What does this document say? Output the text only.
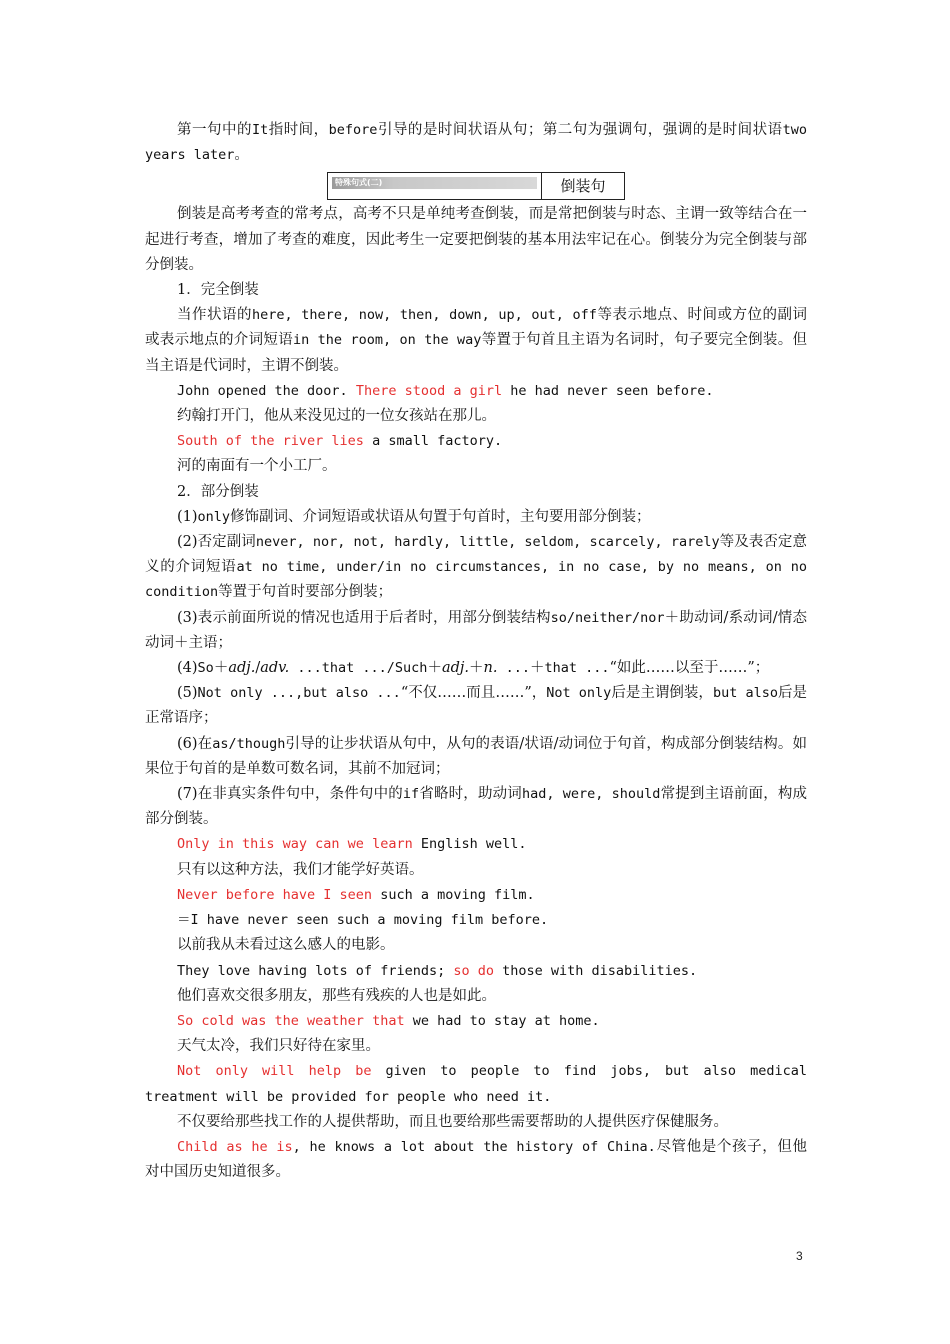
第一句中的It指时间，before引导的是时间状语从句；第二句为强调句，强调的是时间状语two years later。

特殊句式(二)	倒装句

倒装是高考考查的常考点，高考不只是单纯考查倒装，而是常把倒装与时态、主谓一致等结合在一起进行考查，增加了考查的难度，因此考生一定要把倒装的基本用法牢记在心。倒装分为完全倒装与部分倒装。

1．完全倒装

当作状语的here, there, now, then, down, up, out, off等表示地点、时间或方位的副词或表示地点的介词短语in the room, on the way等置于句首且主语为名词时，句子要完全倒装。但当主语是代词时，主谓不倒装。

John opened the door. There stood a girl he had never seen before.

约翰打开门，他从来没见过的一位女孩站在那儿。

South of the river lies a small factory.

河的南面有一个小工厂。

2．部分倒装

(1)only修饰副词、介词短语或状语从句置于句首时，主句要用部分倒装；

(2)否定副词never, nor, not, hardly, little, seldom, scarcely, rarely等及表否定意义的介词短语at no time, under/in no circumstances, in no case, by no means, on no condition等置于句首时要部分倒装；

(3)表示前面所说的情况也适用于后者时，用部分倒装结构so/neither/nor＋助动词/系动词/情态动词＋主语；

(4)So＋adj./adv. ...that .../Such＋adj.＋n. ...＋that ...“如此……以至于……”；

(5)Not only ...,but also ...“不仅……而且……”，Not only后是主谓倒装，but also后是正常语序；

(6)在as/though引导的让步状语从句中，从句的表语/状语/动词位于句首，构成部分倒装结构。如果位于句首的是单数可数名词，其前不加冠词；

(7)在非真实条件句中，条件句中的if省略时，助动词had, were, should常提到主语前面，构成部分倒装。

Only in this way can we learn English well.

只有以这种方法，我们才能学好英语。

Never before have I seen such a moving film.

＝I have never seen such a moving film before.

以前我从未看过这么感人的电影。

They love having lots of friends; so do those with disabilities.

他们喜欢交很多朋友，那些有残疾的人也是如此。

So cold was the weather that we had to stay at home.

天气太冷，我们只好待在家里。

Not only will help be given to people to find jobs, but also medical treatment will be provided for people who need it.

不仅要给那些找工作的人提供帮助，而且也要给那些需要帮助的人提供医疗保健服务。

Child as he is, he knows a lot about the history of China.尽管他是个孩子，但他对中国历史知道很多。

3
